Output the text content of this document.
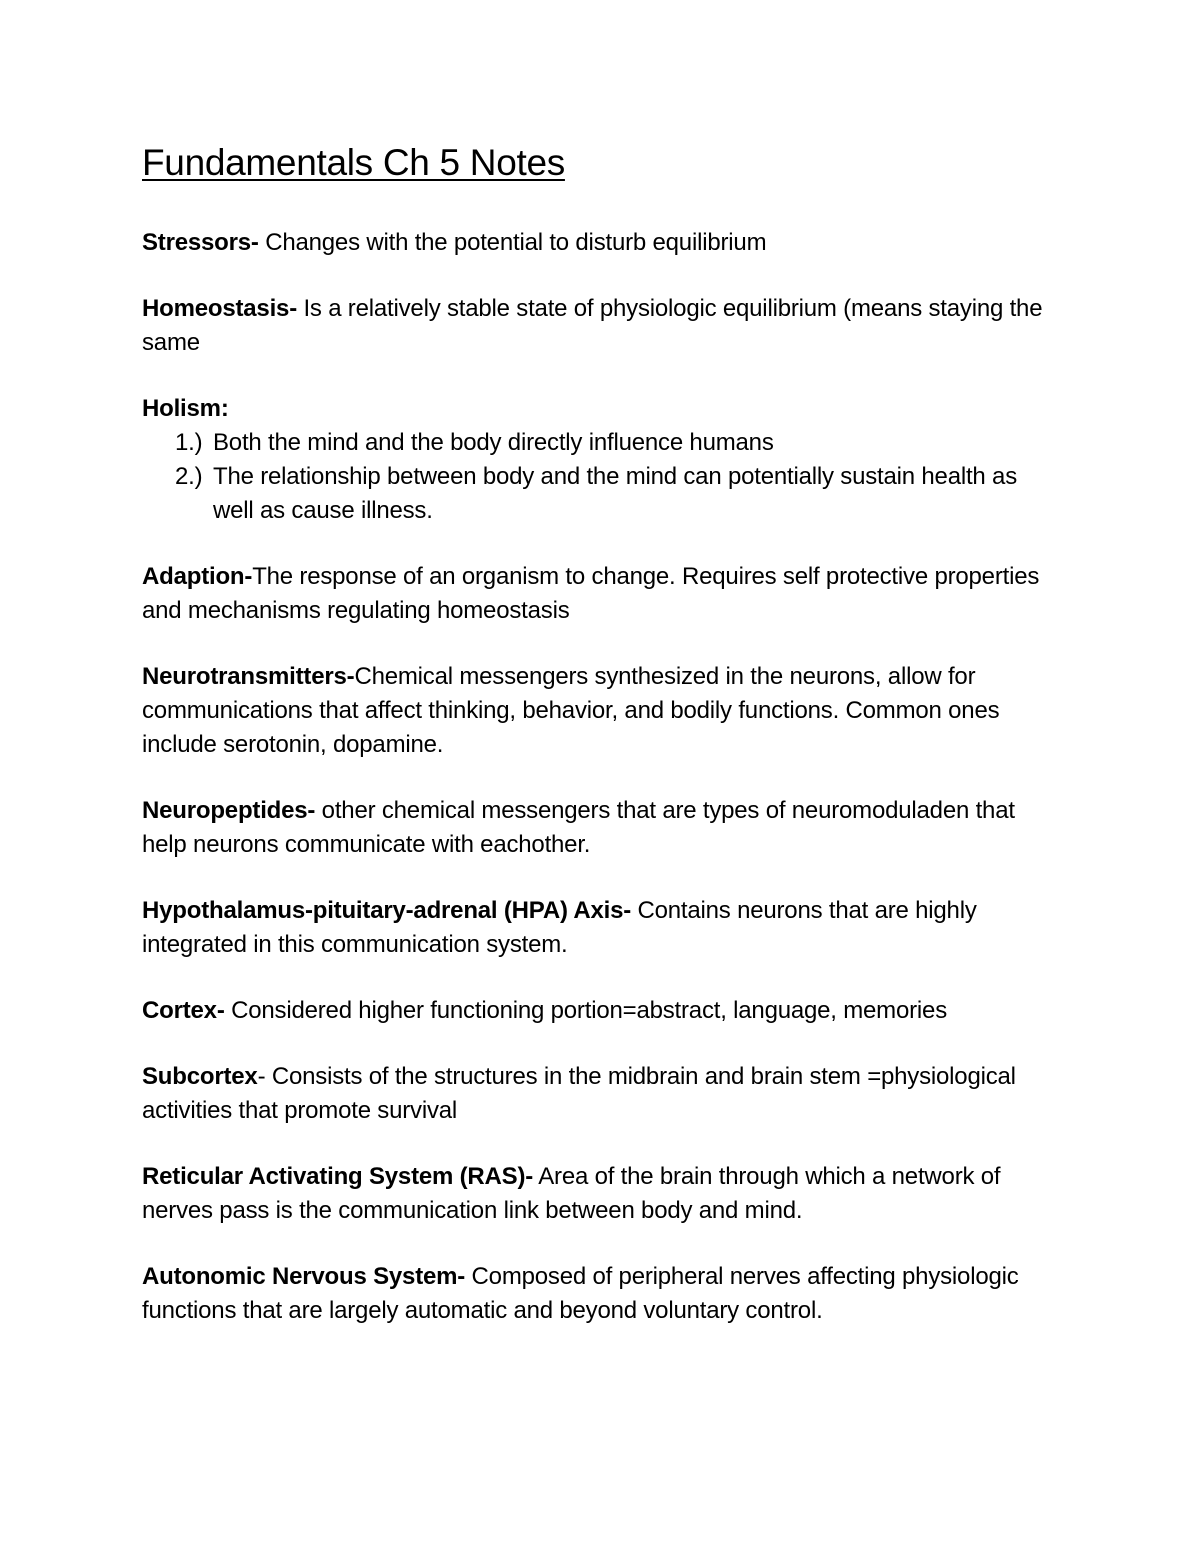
Fundamentals Ch 5 Notes

Stressors- Changes with the potential to disturb equilibrium

Homeostasis- Is a relatively stable state of physiologic equilibrium (means staying the same

Holism:
1.) Both the mind and the body directly influence humans
2.) The relationship between body and the mind can potentially sustain health as well as cause illness.

Adaption-The response of an organism to change. Requires self protective properties and mechanisms regulating homeostasis

Neurotransmitters-Chemical messengers synthesized in the neurons, allow for communications that affect thinking, behavior, and bodily functions. Common ones include serotonin, dopamine.

Neuropeptides- other chemical messengers that are types of neuromoduladen that help neurons communicate with eachother.

Hypothalamus-pituitary-adrenal (HPA) Axis- Contains neurons that are highly integrated in this communication system.

Cortex- Considered higher functioning portion=abstract, language, memories

Subcortex- Consists of the structures in the midbrain and brain stem =physiological activities that promote survival

Reticular Activating System (RAS)- Area of the brain through which a network of nerves pass is the communication link between body and mind.

Autonomic Nervous System- Composed of peripheral nerves affecting physiologic functions that are largely automatic and beyond voluntary control.
